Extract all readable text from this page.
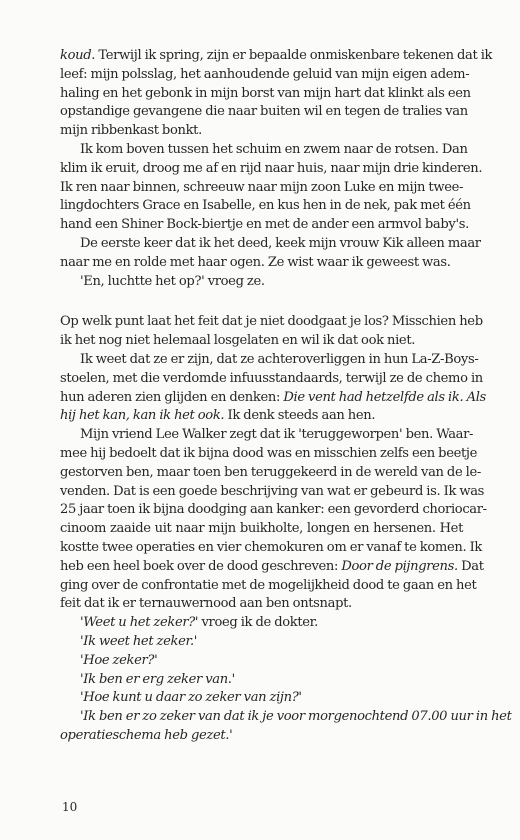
koud. Terwijl ik spring, zijn er bepaalde onmiskenbare tekenen dat ik
leef: mijn polsslag, het aanhoudende geluid van mijn eigen adem-
haling en het gebonk in mijn borst van mijn hart dat klinkt als een
opstandige gevangene die naar buiten wil en tegen de tralies van
mijn ribbenkast bonkt.
Ik kom boven tussen het schuim en zwem naar de rotsen. Dan
klim ik eruit, droog me af en rijd naar huis, naar mijn drie kinderen.
Ik ren naar binnen, schreeuw naar mijn zoon Luke en mijn twee-
lingdochters Grace en Isabelle, en kus hen in de nek, pak met één
hand een Shiner Bock-biertje en met de ander een armvol baby's.
De eerste keer dat ik het deed, keek mijn vrouw Kik alleen maar
naar me en rolde met haar ogen. Ze wist waar ik geweest was.
'En, luchtte het op?' vroeg ze.
Op welk punt laat het feit dat je niet doodgaat je los? Misschien heb
ik het nog niet helemaal losgelaten en wil ik dat ook niet.
Ik weet dat ze er zijn, dat ze achteroverliggen in hun La-Z-Boys-
stoelen, met die verdomde infuusstandaards, terwijl ze de chemo in
hun aderen zien glijden en denken: Die vent had hetzelfde als ik. Als
hij het kan, kan ik het ook. Ik denk steeds aan hen.
Mijn vriend Lee Walker zegt dat ik 'teruggeworpen' ben. Waar-
mee hij bedoelt dat ik bijna dood was en misschien zelfs een beetje
gestorven ben, maar toen ben teruggekeerd in de wereld van de le-
venden. Dat is een goede beschrijving van wat er gebeurd is. Ik was
25 jaar toen ik bijna doodging aan kanker: een gevorderd choriocar-
cinoom zaaide uit naar mijn buikholte, longen en hersenen. Het
kostte twee operaties en vier chemokuren om er vanaf te komen. Ik
heb een heel boek over de dood geschreven: Door de pijngrens. Dat
ging over de confrontatie met de mogelijkheid dood te gaan en het
feit dat ik er ternauwernood aan ben ontsnapt.
'Weet u het zeker?' vroeg ik de dokter.
'Ik weet het zeker.'
'Hoe zeker?'
'Ik ben er erg zeker van.'
'Hoe kunt u daar zo zeker van zijn?'
'Ik ben er zo zeker van dat ik je voor morgenochtend 07.00 uur in het
operatieschema heb gezet.'
10
